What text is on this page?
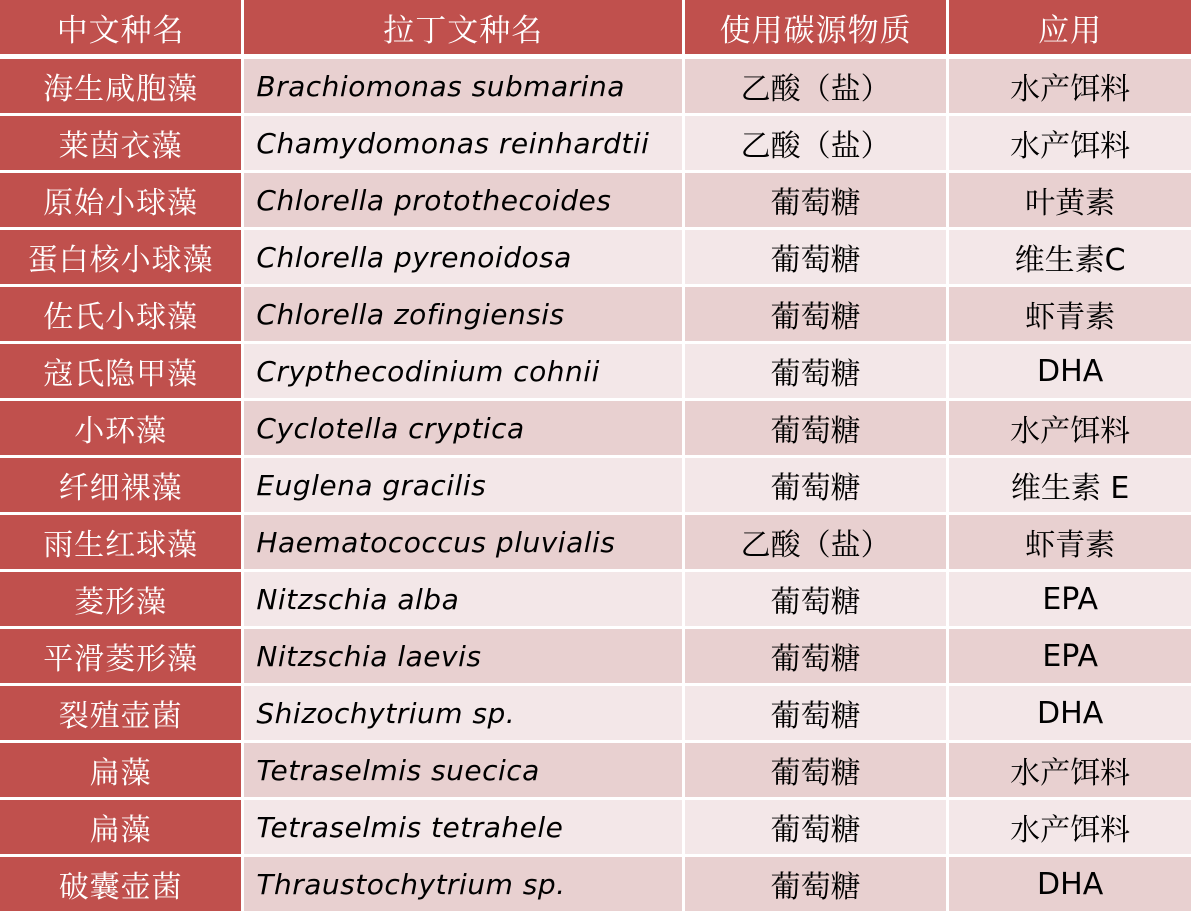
中文种名	拉丁文种名	使用碳源物质	应用
海生咸胞藻	Brachiomonas submarina	乙酸（盐）	水产饵料
莱茵衣藻	Chamydomonas reinhardtii	乙酸（盐）	水产饵料
原始小球藻	Chlorella protothecoides	葡萄糖	叶黄素
蛋白核小球藻	Chlorella pyrenoidosa	葡萄糖	维生素C
佐氏小球藻	Chlorella zofingiensis	葡萄糖	虾青素
寇氏隐甲藻	Crypthecodinium cohnii	葡萄糖	DHA
小环藻	Cyclotella cryptica	葡萄糖	水产饵料
纤细裸藻	Euglena gracilis	葡萄糖	维生素 E
雨生红球藻	Haematococcus pluvialis	乙酸（盐）	虾青素
菱形藻	Nitzschia alba	葡萄糖	EPA
平滑菱形藻	Nitzschia laevis	葡萄糖	EPA
裂殖壶菌	Shizochytrium sp.	葡萄糖	DHA
扁藻	Tetraselmis suecica	葡萄糖	水产饵料
扁藻	Tetraselmis tetrahele	葡萄糖	水产饵料
破囊壶菌	Thraustochytrium sp.	葡萄糖	DHA
